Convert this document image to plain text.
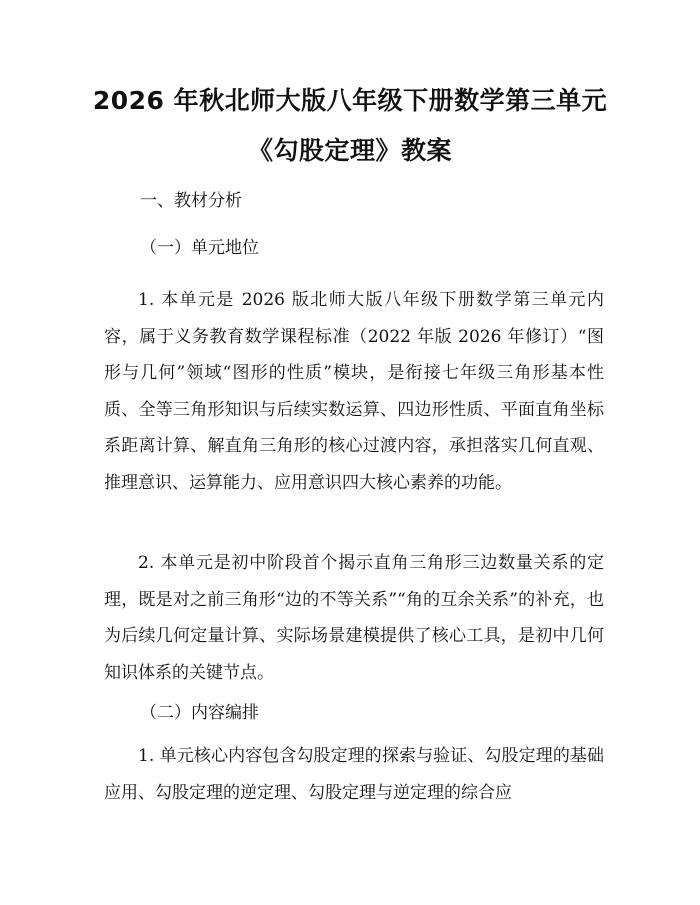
2026 年秋北师大版八年级下册数学第三单元
《勾股定理》教案
一、教材分析
（一）单元地位
1. 本单元是 2026 版北师大版八年级下册数学第三单元内容，属于义务教育数学课程标准（2022 年版 2026 年修订）“图形与几何”领域“图形的性质”模块，是衔接七年级三角形基本性质、全等三角形知识与后续实数运算、四边形性质、平面直角坐标系距离计算、解直角三角形的核心过渡内容，承担落实几何直观、推理意识、运算能力、应用意识四大核心素养的功能。
2. 本单元是初中阶段首个揭示直角三角形三边数量关系的定理，既是对之前三角形“边的不等关系”“角的互余关系”的补充，也为后续几何定量计算、实际场景建模提供了核心工具，是初中几何知识体系的关键节点。
（二）内容编排
1. 单元核心内容包含勾股定理的探索与验证、勾股定理的基础应用、勾股定理的逆定理、勾股定理与逆定理的综合应
